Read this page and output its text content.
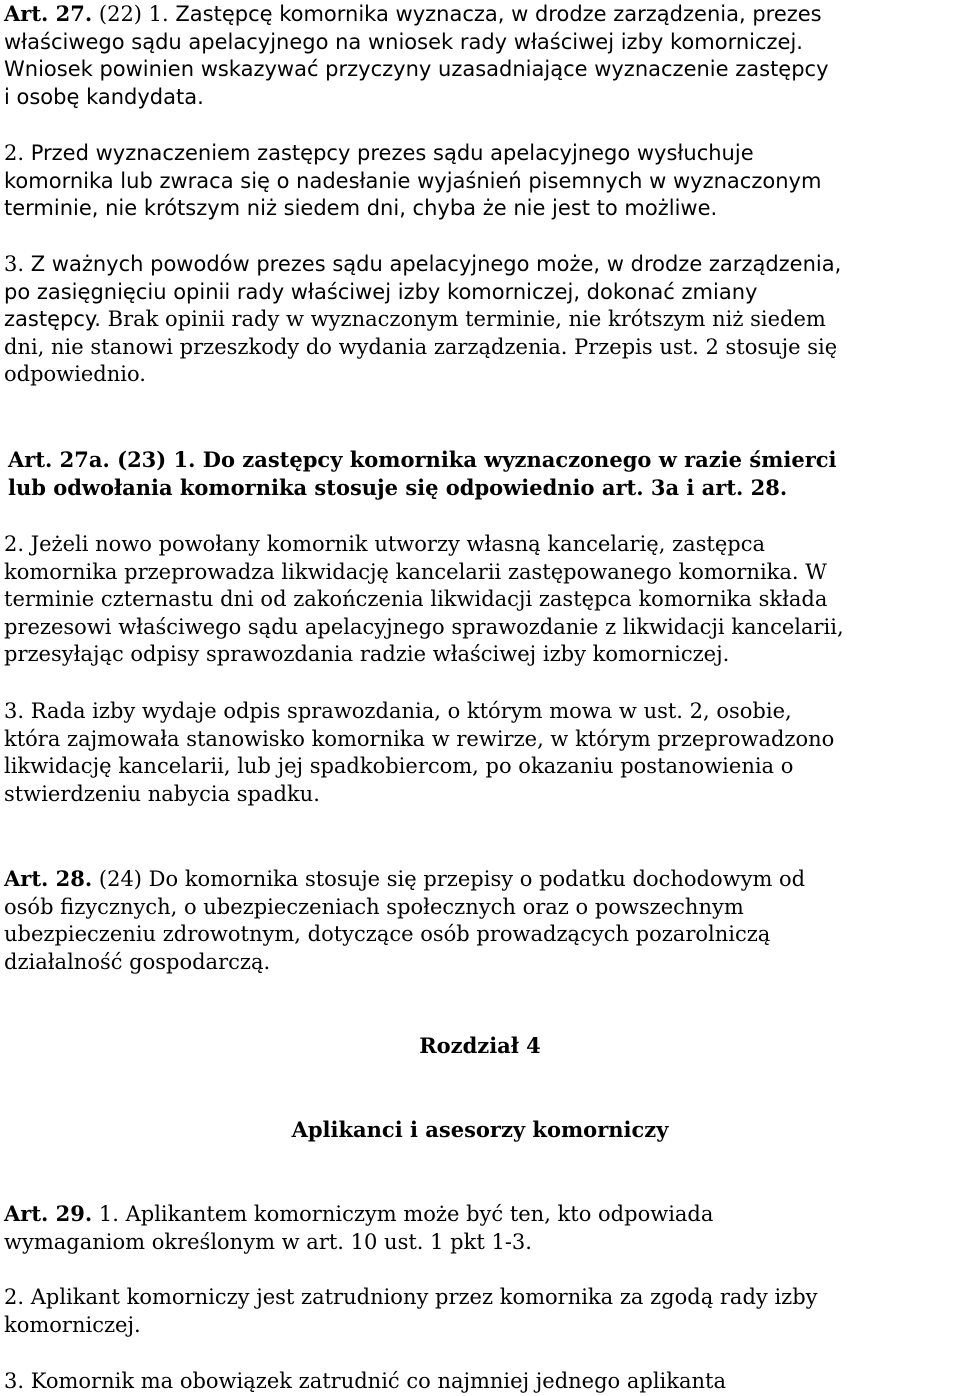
Art. 27. (22) 1. Zastępcę komornika wyznacza, w drodze zarządzenia, prezes
właściwego sądu apelacyjnego na wniosek rady właściwej izby komorniczej.
Wniosek powinien wskazywać przyczyny uzasadniające wyznaczenie zastępcy
i osobę kandydata.

2. Przed wyznaczeniem zastępcy prezes sądu apelacyjnego wysłuchuje
komornika lub zwraca się o nadesłanie wyjaśnień pisemnych w wyznaczonym
terminie, nie krótszym niż siedem dni, chyba że nie jest to możliwe.

3. Z ważnych powodów prezes sądu apelacyjnego może, w drodze zarządzenia,
po zasięgnięciu opinii rady właściwej izby komorniczej, dokonać zmiany
zastępcy. Brak opinii rady w wyznaczonym terminie, nie krótszym niż siedem
dni, nie stanowi przeszkody do wydania zarządzenia. Przepis ust. 2 stosuje się
odpowiednio.

Art. 27a. (23) 1. Do zastępcy komornika wyznaczonego w razie śmierci
lub odwołania komornika stosuje się odpowiednio art. 3a i art. 28.

2. Jeżeli nowo powołany komornik utworzy własną kancelarię, zastępca
komornika przeprowadza likwidację kancelarii zastępowanego komornika. W
terminie czternastu dni od zakończenia likwidacji zastępca komornika składa
prezesowi właściwego sądu apelacyjnego sprawozdanie z likwidacji kancelarii,
przesyłając odpisy sprawozdania radzie właściwej izby komorniczej.

3. Rada izby wydaje odpis sprawozdania, o którym mowa w ust. 2, osobie,
która zajmowała stanowisko komornika w rewirze, w którym przeprowadzono
likwidację kancelarii, lub jej spadkobiercom, po okazaniu postanowienia o
stwierdzeniu nabycia spadku.

Art. 28. (24) Do komornika stosuje się przepisy o podatku dochodowym od
osób fizycznych, o ubezpieczeniach społecznych oraz o powszechnym
ubezpieczeniu zdrowotnym, dotyczące osób prowadzących pozarolniczą
działalność gospodarczą.

Rozdział 4

Aplikanci i asesorzy komorniczy

Art. 29. 1. Aplikantem komorniczym może być ten, kto odpowiada
wymaganiom określonym w art. 10 ust. 1 pkt 1-3.

2. Aplikant komorniczy jest zatrudniony przez komornika za zgodą rady izby
komorniczej.

3. Komornik ma obowiązek zatrudnić co najmniej jednego aplikanta
